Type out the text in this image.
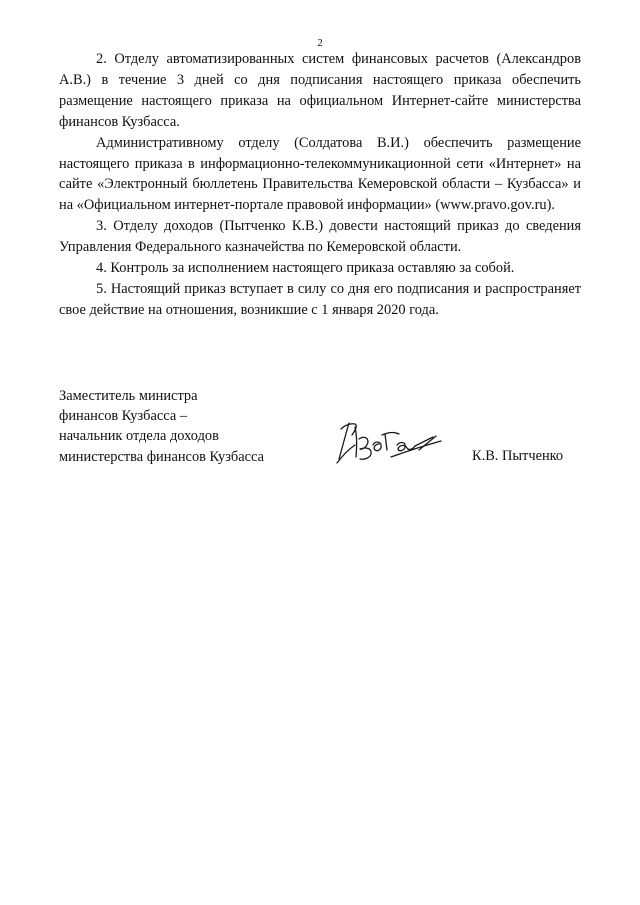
2

2. Отделу автоматизированных систем финансовых расчетов (Александров А.В.) в течение 3 дней со дня подписания настоящего приказа обеспечить размещение настоящего приказа на официальном Интернет-сайте министерства финансов Кузбасса.

Административному отделу (Солдатова В.И.) обеспечить размещение настоящего приказа в информационно-телекоммуникационной сети «Интернет» на сайте «Электронный бюллетень Правительства Кемеровской области – Кузбасса» и на «Официальном интернет-портале правовой информации» (www.pravo.gov.ru).

3. Отделу доходов (Пытченко К.В.) довести настоящий приказ до сведения Управления Федерального казначейства по Кемеровской области.

4. Контроль за исполнением настоящего приказа оставляю за собой.

5. Настоящий приказ вступает в силу со дня его подписания и распространяет свое действие на отношения, возникшие с 1 января 2020 года.

Заместитель министра
финансов Кузбасса –
начальник отдела доходов
министерства финансов Кузбасса	К.В. Пытченко
